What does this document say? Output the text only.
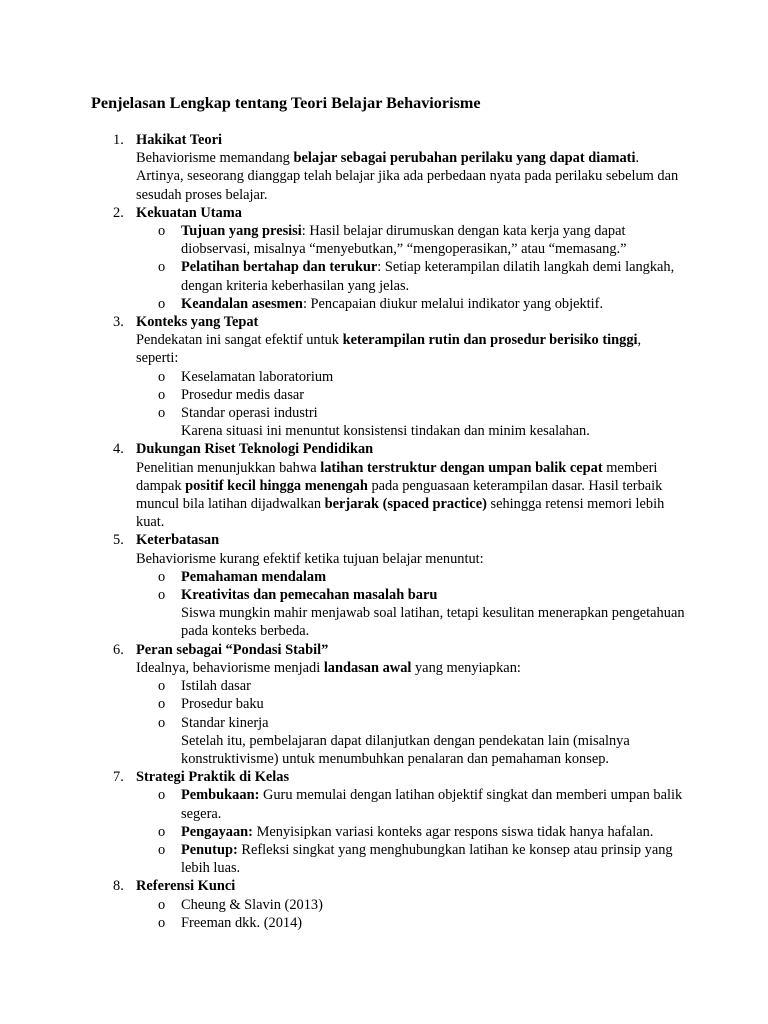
Penjelasan Lengkap tentang Teori Belajar Behaviorisme
1. Hakikat Teori
Behaviorisme memandang belajar sebagai perubahan perilaku yang dapat diamati. Artinya, seseorang dianggap telah belajar jika ada perbedaan nyata pada perilaku sebelum dan sesudah proses belajar.
2. Kekuatan Utama
o Tujuan yang presisi: Hasil belajar dirumuskan dengan kata kerja yang dapat diobservasi, misalnya “menyebutkan,” “mengoperasikan,” atau “memasang.”
o Pelatihan bertahap dan terukur: Setiap keterampilan dilatih langkah demi langkah, dengan kriteria keberhasilan yang jelas.
o Keandalan asesmen: Pencapaian diukur melalui indikator yang objektif.
3. Konteks yang Tepat
Pendekatan ini sangat efektif untuk keterampilan rutin dan prosedur berisiko tinggi, seperti:
o Keselamatan laboratorium
o Prosedur medis dasar
o Standar operasi industri
Karena situasi ini menuntut konsistensi tindakan dan minim kesalahan.
4. Dukungan Riset Teknologi Pendidikan
Penelitian menunjukkan bahwa latihan terstruktur dengan umpan balik cepat memberi dampak positif kecil hingga menengah pada penguasaan keterampilan dasar. Hasil terbaik muncul bila latihan dijadwalkan berjarak (spaced practice) sehingga retensi memori lebih kuat.
5. Keterbatasan
Behaviorisme kurang efektif ketika tujuan belajar menuntut:
o Pemahaman mendalam
o Kreativitas dan pemecahan masalah baru
Siswa mungkin mahir menjawab soal latihan, tetapi kesulitan menerapkan pengetahuan pada konteks berbeda.
6. Peran sebagai “Pondasi Stabil”
Idealnya, behaviorisme menjadi landasan awal yang menyiapkan:
o Istilah dasar
o Prosedur baku
o Standar kinerja
Setelah itu, pembelajaran dapat dilanjutkan dengan pendekatan lain (misalnya konstruktivisme) untuk menumbuhkan penalaran dan pemahaman konsep.
7. Strategi Praktik di Kelas
o Pembukaan: Guru memulai dengan latihan objektif singkat dan memberi umpan balik segera.
o Pengayaan: Menyisipkan variasi konteks agar respons siswa tidak hanya hafalan.
o Penutup: Refleksi singkat yang menghubungkan latihan ke konsep atau prinsip yang lebih luas.
8. Referensi Kunci
o Cheung & Slavin (2013)
o Freeman dkk. (2014)
